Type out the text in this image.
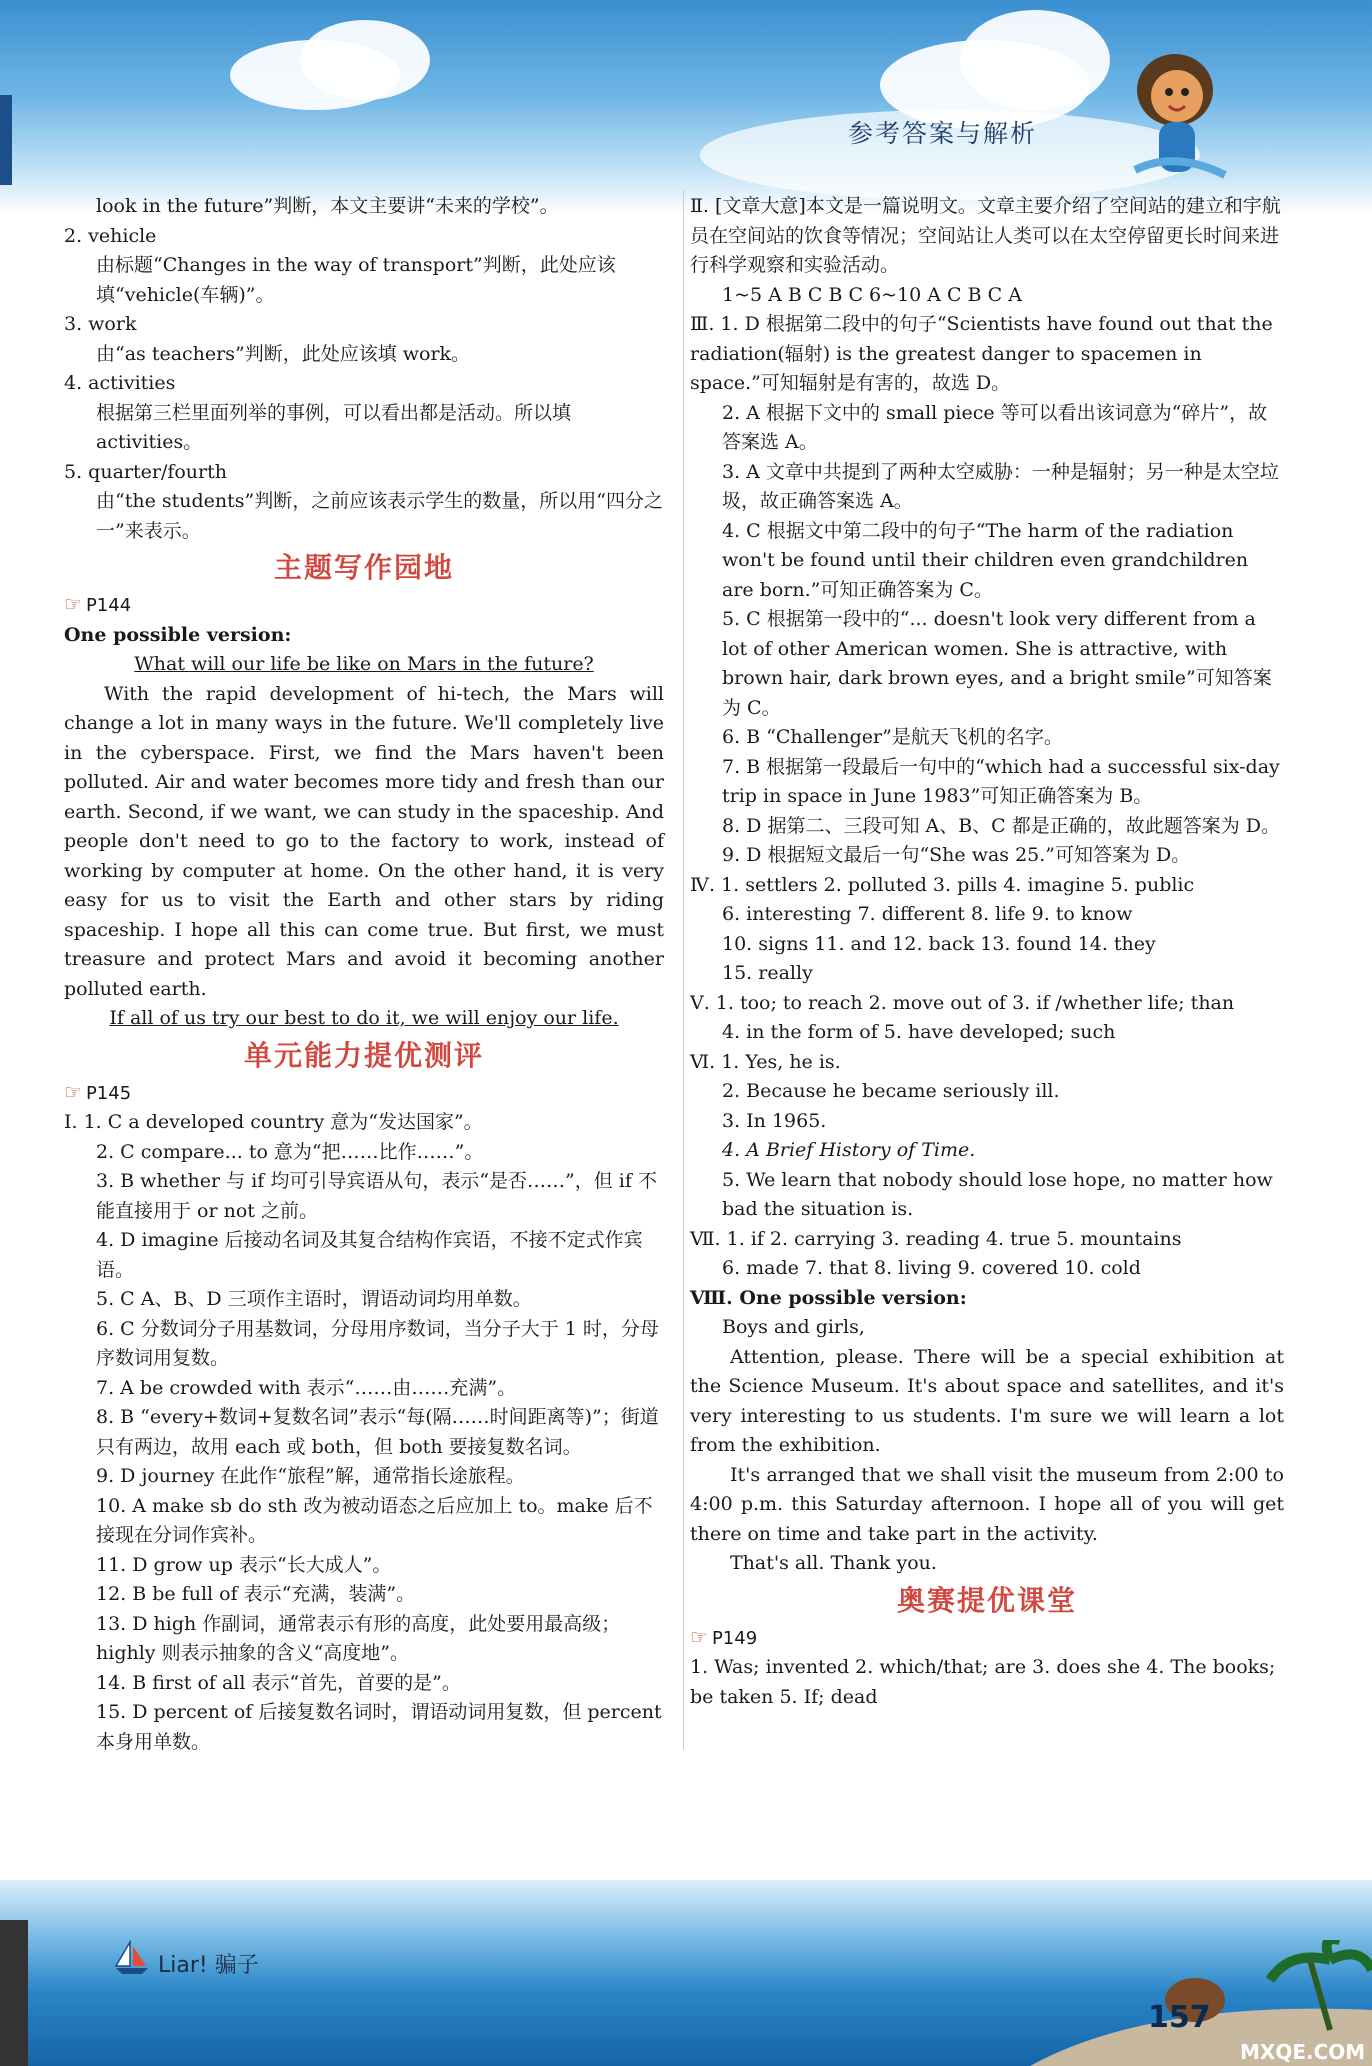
参考答案与解析
look in the future”判断，本文主要讲“未来的学校”。
2. vehicle
由标题“Changes in the way of transport”判断，此处应该填“vehicle(车辆)”。
3. work
由“as teachers”判断，此处应该填 work。
4. activities
根据第三栏里面列举的事例，可以看出都是活动。所以填 activities。
5. quarter/fourth
由“the students”判断，之前应该表示学生的数量，所以用“四分之一”来表示。
主题写作园地
☞ P144
One possible version:
What will our life be like on Mars in the future?
With the rapid development of hi-tech, the Mars will change a lot in many ways in the future. We'll completely live in the cyberspace. First, we find the Mars haven't been polluted. Air and water becomes more tidy and fresh than our earth. Second, if we want, we can study in the spaceship. And people don't need to go to the factory to work, instead of working by computer at home. On the other hand, it is very easy for us to visit the Earth and other stars by riding spaceship. I hope all this can come true. But first, we must treasure and protect Mars and avoid it becoming another polluted earth.
If all of us try our best to do it, we will enjoy our life.
单元能力提优测评
☞ P145
Ⅰ. 1. C a developed country 意为“发达国家”。
2. C compare... to 意为“把……比作……”。
3. B whether 与 if 均可引导宾语从句，表示“是否……”，但 if 不能直接用于 or not 之前。
4. D imagine 后接动名词及其复合结构作宾语，不接不定式作宾语。
5. C A、B、D 三项作主语时，谓语动词均用单数。
6. C 分数词分子用基数词，分母用序数词，当分子大于 1 时，分母序数词用复数。
7. A be crowded with 表示“……由……充满”。
8. B “every+数词+复数名词”表示“每(隔……时间距离等)”；街道只有两边，故用 each 或 both，但 both 要接复数名词。
9. D journey 在此作“旅程”解，通常指长途旅程。
10. A make sb do sth 改为被动语态之后应加上 to。make 后不接现在分词作宾补。
11. D grow up 表示“长大成人”。
12. B be full of 表示“充满，装满”。
13. D high 作副词，通常表示有形的高度，此处要用最高级；highly 则表示抽象的含义“高度地”。
14. B first of all 表示“首先，首要的是”。
15. D percent of 后接复数名词时，谓语动词用复数，但 percent 本身用单数。
Ⅱ. [文章大意]本文是一篇说明文。文章主要介绍了空间站的建立和宇航员在空间站的饮食等情况；空间站让人类可以在太空停留更长时间来进行科学观察和实验活动。
1~5 A B C B C 6~10 A C B C A
Ⅲ. 1. D 根据第二段中的句子“Scientists have found out that the radiation(辐射) is the greatest danger to spacemen in space.”可知辐射是有害的，故选 D。
2. A 根据下文中的 small piece 等可以看出该词意为“碎片”，故答案选 A。
3. A 文章中共提到了两种太空威胁：一种是辐射；另一种是太空垃圾，故正确答案选 A。
4. C 根据文中第二段中的句子“The harm of the radiation won't be found until their children even grandchildren are born.”可知正确答案为 C。
5. C 根据第一段中的“... doesn't look very different from a lot of other American women. She is attractive, with brown hair, dark brown eyes, and a bright smile”可知答案为 C。
6. B “Challenger”是航天飞机的名字。
7. B 根据第一段最后一句中的“which had a successful six-day trip in space in June 1983”可知正确答案为 B。
8. D 据第二、三段可知 A、B、C 都是正确的，故此题答案为 D。
9. D 根据短文最后一句“She was 25.”可知答案为 D。
Ⅳ. 1. settlers 2. polluted 3. pills 4. imagine 5. public
6. interesting 7. different 8. life 9. to know
10. signs 11. and 12. back 13. found 14. they
15. really
Ⅴ. 1. too; to reach 2. move out of 3. if /whether life; than
4. in the form of 5. have developed; such
Ⅵ. 1. Yes, he is.
2. Because he became seriously ill.
3. In 1965.
4. A Brief History of Time.
5. We learn that nobody should lose hope, no matter how bad the situation is.
Ⅶ. 1. if 2. carrying 3. reading 4. true 5. mountains
6. made 7. that 8. living 9. covered 10. cold
Ⅷ. One possible version:
Boys and girls,
Attention, please. There will be a special exhibition at the Science Museum. It's about space and satellites, and it's very interesting to us students. I'm sure we will learn a lot from the exhibition.
It's arranged that we shall visit the museum from 2:00 to 4:00 p.m. this Saturday afternoon. I hope all of you will get there on time and take part in the activity.
That's all. Thank you.
奥赛提优课堂
☞ P149
1. Was; invented 2. which/that; are 3. does she 4. The books; be taken 5. If; dead
Liar! 骗子
157
MXQE.COM
